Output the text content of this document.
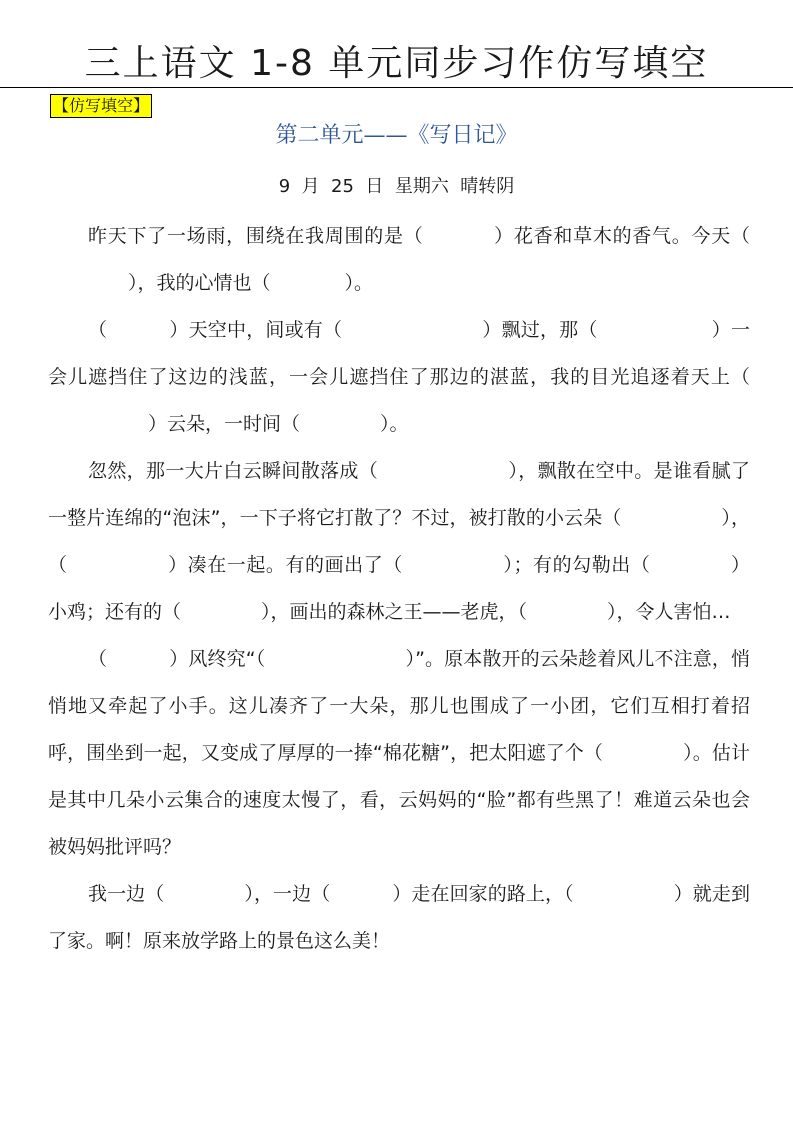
三上语文 1-8 单元同步习作仿写填空
【仿写填空】
第二单元——《写日记》
9  月  25  日  星期六  晴转阴

昨天下了一场雨，围绕在我周围的是（	）花香和草木的香气。今天（），我的心情也（	）。

（	）天空中，间或有（	）飘过，那（	）一会儿遮挡住了这边的浅蓝，一会儿遮挡住了那边的湛蓝，我的目光追逐着天上（）云朵，一时间（	）。

忽然，那一大片白云瞬间散落成（	），飘散在空中。是谁看腻了一整片连绵的“泡沫”，一下子将它打散了？不过，被打散的小云朵（	），（	）凑在一起。有的画出了（	）；有的勾勒出（	）小鸡；还有的（	），画出的森林之王——老虎，（	），令人害怕…

（	）风终究“（	）”。原本散开的云朵趁着风儿不注意，悄悄地又牵起了小手。这儿凑齐了一大朵，那儿也围成了一小团，它们互相打着招呼，围坐到一起，又变成了厚厚的一捧“棉花糖”，把太阳遮了个（	）。估计是其中几朵小云集合的速度太慢了，看，云妈妈的“脸”都有些黑了！难道云朵也会被妈妈批评吗？

我一边（	），一边（	）走在回家的路上，（	）就走到了家。啊！原来放学路上的景色这么美！
